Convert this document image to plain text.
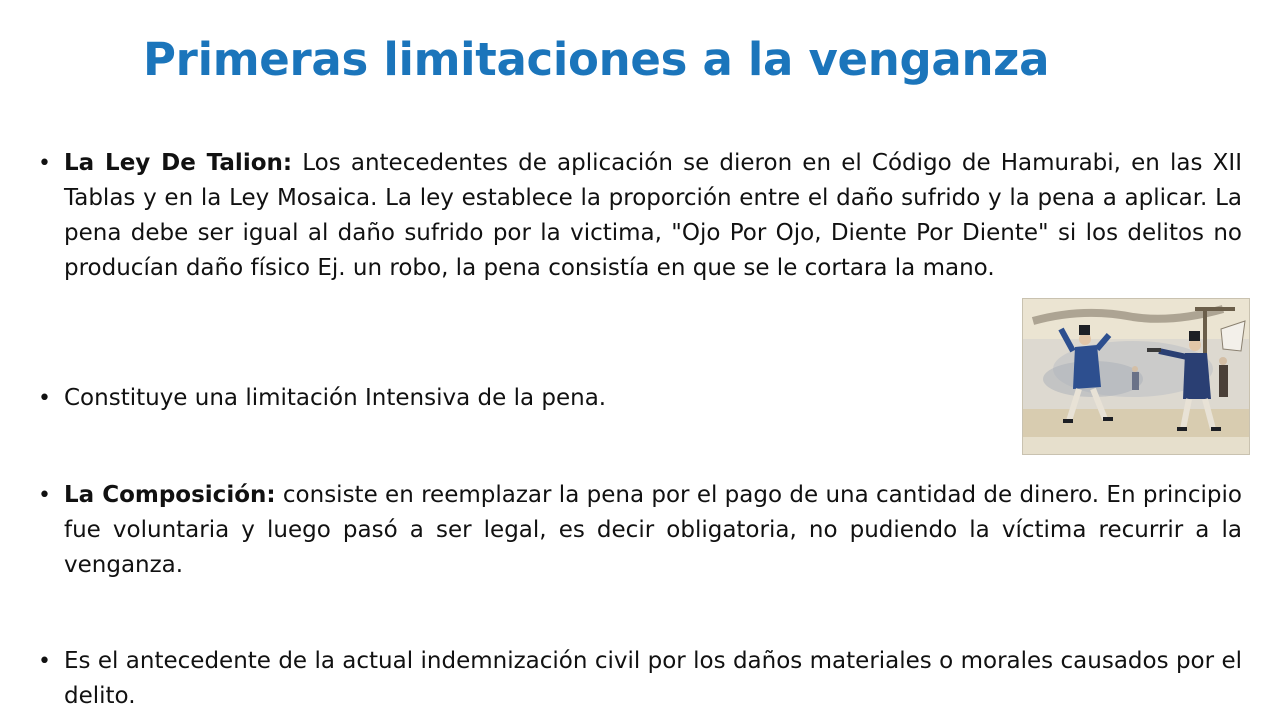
Primeras limitaciones a la venganza
• La Ley De Talion: Los antecedentes de aplicación se dieron en el Código de Hamurabi, en las XII Tablas y en la Ley Mosaica. La ley establece la proporción entre el daño sufrido y la pena a aplicar. La pena debe ser igual al daño sufrido por la victima, "Ojo Por Ojo, Diente Por Diente" si los delitos no producían daño físico Ej. un robo, la pena consistía en que se le cortara la mano.
• Constituye una limitación Intensiva de la pena.
• La Composición: consiste en reemplazar la pena por el pago de una cantidad de dinero. En principio fue voluntaria y luego pasó a ser legal, es decir obligatoria, no pudiendo la víctima recurrir a la venganza.
• Es el antecedente de la actual indemnización civil por los daños materiales o morales causados por el delito.
